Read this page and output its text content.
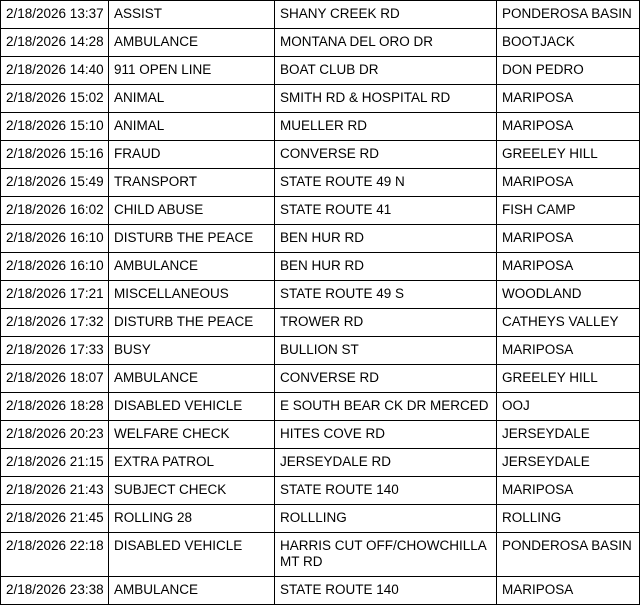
2/18/2026 13:37	ASSIST	SHANY CREEK RD	PONDEROSA BASIN
2/18/2026 14:28	AMBULANCE	MONTANA DEL ORO DR	BOOTJACK
2/18/2026 14:40	911 OPEN LINE	BOAT CLUB DR	DON PEDRO
2/18/2026 15:02	ANIMAL	SMITH RD & HOSPITAL RD	MARIPOSA
2/18/2026 15:10	ANIMAL	MUELLER RD	MARIPOSA
2/18/2026 15:16	FRAUD	CONVERSE RD	GREELEY HILL
2/18/2026 15:49	TRANSPORT	STATE ROUTE 49 N	MARIPOSA
2/18/2026 16:02	CHILD ABUSE	STATE ROUTE 41	FISH CAMP
2/18/2026 16:10	DISTURB THE PEACE	BEN HUR RD	MARIPOSA
2/18/2026 16:10	AMBULANCE	BEN HUR RD	MARIPOSA
2/18/2026 17:21	MISCELLANEOUS	STATE ROUTE 49 S	WOODLAND
2/18/2026 17:32	DISTURB THE PEACE	TROWER RD	CATHEYS VALLEY
2/18/2026 17:33	BUSY	BULLION ST	MARIPOSA
2/18/2026 18:07	AMBULANCE	CONVERSE RD	GREELEY HILL
2/18/2026 18:28	DISABLED VEHICLE	E SOUTH BEAR CK DR MERCED	OOJ
2/18/2026 20:23	WELFARE CHECK	HITES COVE RD	JERSEYDALE
2/18/2026 21:15	EXTRA PATROL	JERSEYDALE RD	JERSEYDALE
2/18/2026 21:43	SUBJECT CHECK	STATE ROUTE 140	MARIPOSA
2/18/2026 21:45	ROLLING 28	ROLLLING	ROLLING
2/18/2026 22:18	DISABLED VEHICLE	HARRIS CUT OFF/CHOWCHILLA MT RD	PONDEROSA BASIN
2/18/2026 23:38	AMBULANCE	STATE ROUTE 140	MARIPOSA
